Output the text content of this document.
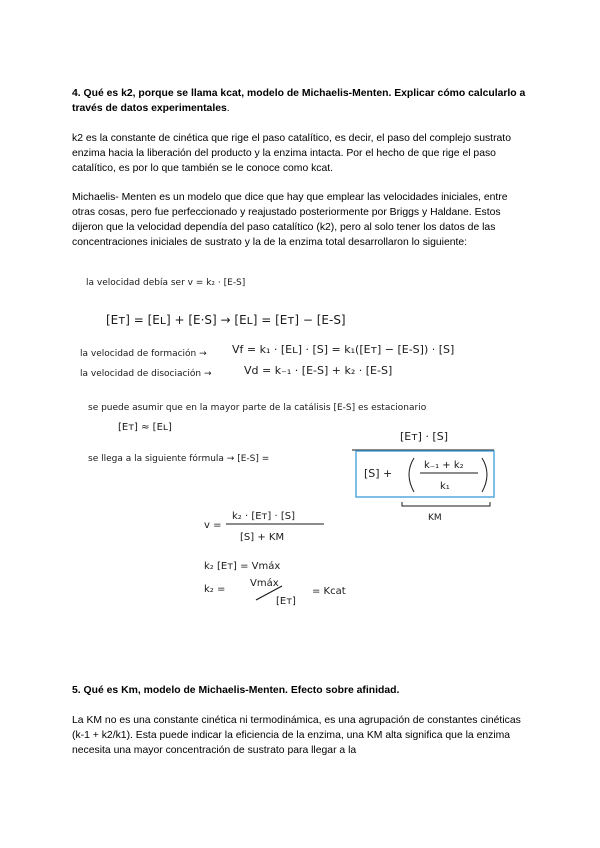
4. Qué es k2, porque se llama kcat, modelo de Michaelis-Menten. Explicar cómo calcularlo a través de datos experimentales.
k2 es la constante de cinética que rige el paso catalítico, es decir, el paso del complejo sustrato enzima hacia la liberación del producto y la enzima intacta. Por el hecho de que rige el paso catalítico, es por lo que también se le conoce como kcat.
Michaelis- Menten es un modelo que dice que hay que emplear las velocidades iniciales, entre otras cosas, pero fue perfeccionado y reajustado posteriormente por Briggs y Haldane. Estos dijeron que la velocidad dependía del paso catalítico (k2), pero al solo tener los datos de las concentraciones iniciales de sustrato y la de la enzima total desarrollaron lo siguiente:
la velocidad debía ser v = k₂ · [E-S]
[Eᴛ] = [Eʟ] + [E·S] → [Eʟ] = [Eᴛ] − [E-S]
la velocidad de formación → Vf = k₁ · [Eʟ] · [S] = k₁([Eᴛ] − [E-S]) · [S]
la velocidad de disociación →	Vd = k₋₁ · [E-S] + k₂ · [E-S]
se puede asumir que en la mayor parte de la catálisis [E-S] es estacionario
[Eᴛ] ≈ [Eʟ]
se llega a la siguiente fórmula → [E-S] =
[Eᴛ] · [S]
[S] +
k₋₁ + k₂
k₁
KM
v =
k₂ · [Eᴛ] · [S]
[S] + KM
k₂ [Eᴛ] = Vmáx
k₂ =
Vmáx
[Eᴛ]
= Kcat
5. Qué es Km, modelo de Michaelis-Menten. Efecto sobre afinidad.
La KM no es una constante cinética ni termodinámica, es una agrupación de constantes cinéticas (k-1 + k2/k1). Esta puede indicar la eficiencia de la enzima, una KM alta significa que la enzima necesita una mayor concentración de sustrato para llegar a la
